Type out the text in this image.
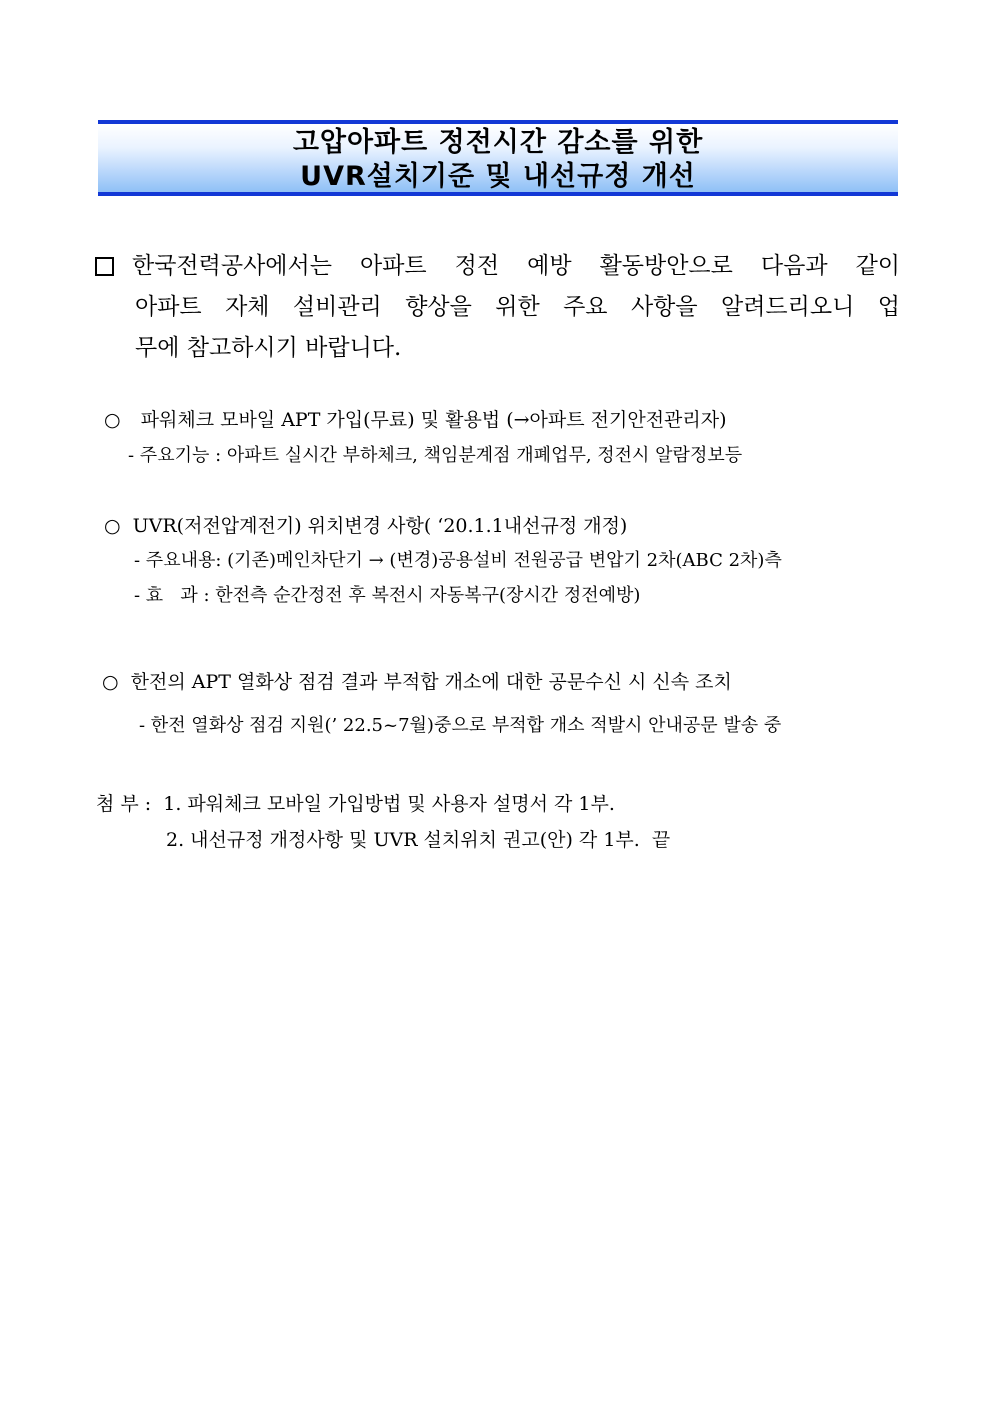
고압아파트 정전시간 감소를 위한
UVR설치기준 및 내선규정 개선
한국전력공사에서는 아파트 정전 예방 활동방안으로 다음과 같이
아파트 자체 설비관리 향상을 위한 주요 사항을 알려드리오니 업
무에 참고하시기 바랍니다.
○ 파워체크 모바일 APT 가입(무료) 및 활용법 (→아파트 전기안전관리자)
- 주요기능 : 아파트 실시간 부하체크, 책임분계점 개폐업무, 정전시 알람정보등
○ UVR(저전압계전기) 위치변경 사항( ‘20.1.1내선규정 개정)
- 주요내용: (기존)메인차단기 → (변경)공용설비 전원공급 변압기 2차(ABC 2차)측
- 효   과 : 한전측 순간정전 후 복전시 자동복구(장시간 정전예방)
○ 한전의 APT 열화상 점검 결과 부적합 개소에 대한 공문수신 시 신속 조치
- 한전 열화상 점검 지원(’ 22.5~7월)중으로 부적합 개소 적발시 안내공문 발송 중
첨 부 : 1. 파워체크 모바일 가입방법 및 사용자 설명서 각 1부.
2. 내선규정 개정사항 및 UVR 설치위치 권고(안) 각 1부.  끝
